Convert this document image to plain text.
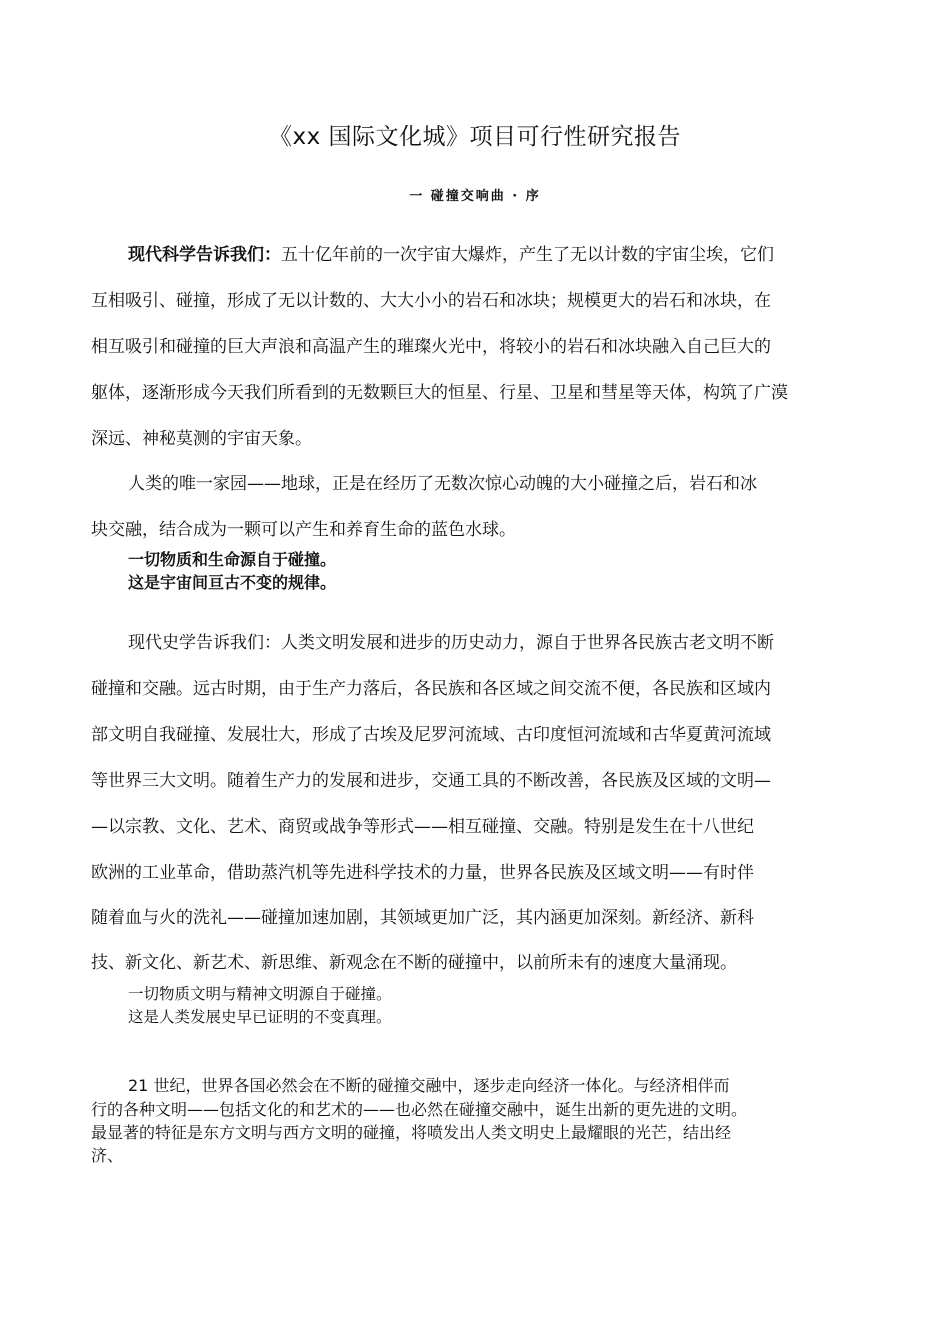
《xx 国际文化城》项目可行性研究报告
一 碰撞交响曲 · 序
现代科学告诉我们：五十亿年前的一次宇宙大爆炸，产生了无以计数的宇宙尘埃，它们
互相吸引、碰撞，形成了无以计数的、大大小小的岩石和冰块；规模更大的岩石和冰块，在
相互吸引和碰撞的巨大声浪和高温产生的璀璨火光中，将较小的岩石和冰块融入自己巨大的
躯体，逐渐形成今天我们所看到的无数颗巨大的恒星、行星、卫星和彗星等天体，构筑了广漠
深远、神秘莫测的宇宙天象。
人类的唯一家园——地球，正是在经历了无数次惊心动魄的大小碰撞之后，岩石和冰
块交融，结合成为一颗可以产生和养育生命的蓝色水球。
一切物质和生命源自于碰撞。
这是宇宙间亘古不变的规律。
现代史学告诉我们：人类文明发展和进步的历史动力，源自于世界各民族古老文明不断
碰撞和交融。远古时期，由于生产力落后，各民族和各区域之间交流不便，各民族和区域内
部文明自我碰撞、发展壮大，形成了古埃及尼罗河流域、古印度恒河流域和古华夏黄河流域
等世界三大文明。随着生产力的发展和进步，交通工具的不断改善，各民族及区域的文明—
—以宗教、文化、艺术、商贸或战争等形式——相互碰撞、交融。特别是发生在十八世纪
欧洲的工业革命，借助蒸汽机等先进科学技术的力量，世界各民族及区域文明——有时伴
随着血与火的洗礼——碰撞加速加剧，其领域更加广泛，其内涵更加深刻。新经济、新科
技、新文化、新艺术、新思维、新观念在不断的碰撞中，以前所未有的速度大量涌现。
一切物质文明与精神文明源自于碰撞。
这是人类发展史早已证明的不变真理。
21 世纪，世界各国必然会在不断的碰撞交融中，逐步走向经济一体化。与经济相伴而
行的各种文明——包括文化的和艺术的——也必然在碰撞交融中，诞生出新的更先进的文明。
最显著的特征是东方文明与西方文明的碰撞，将喷发出人类文明史上最耀眼的光芒，结出经
济、
